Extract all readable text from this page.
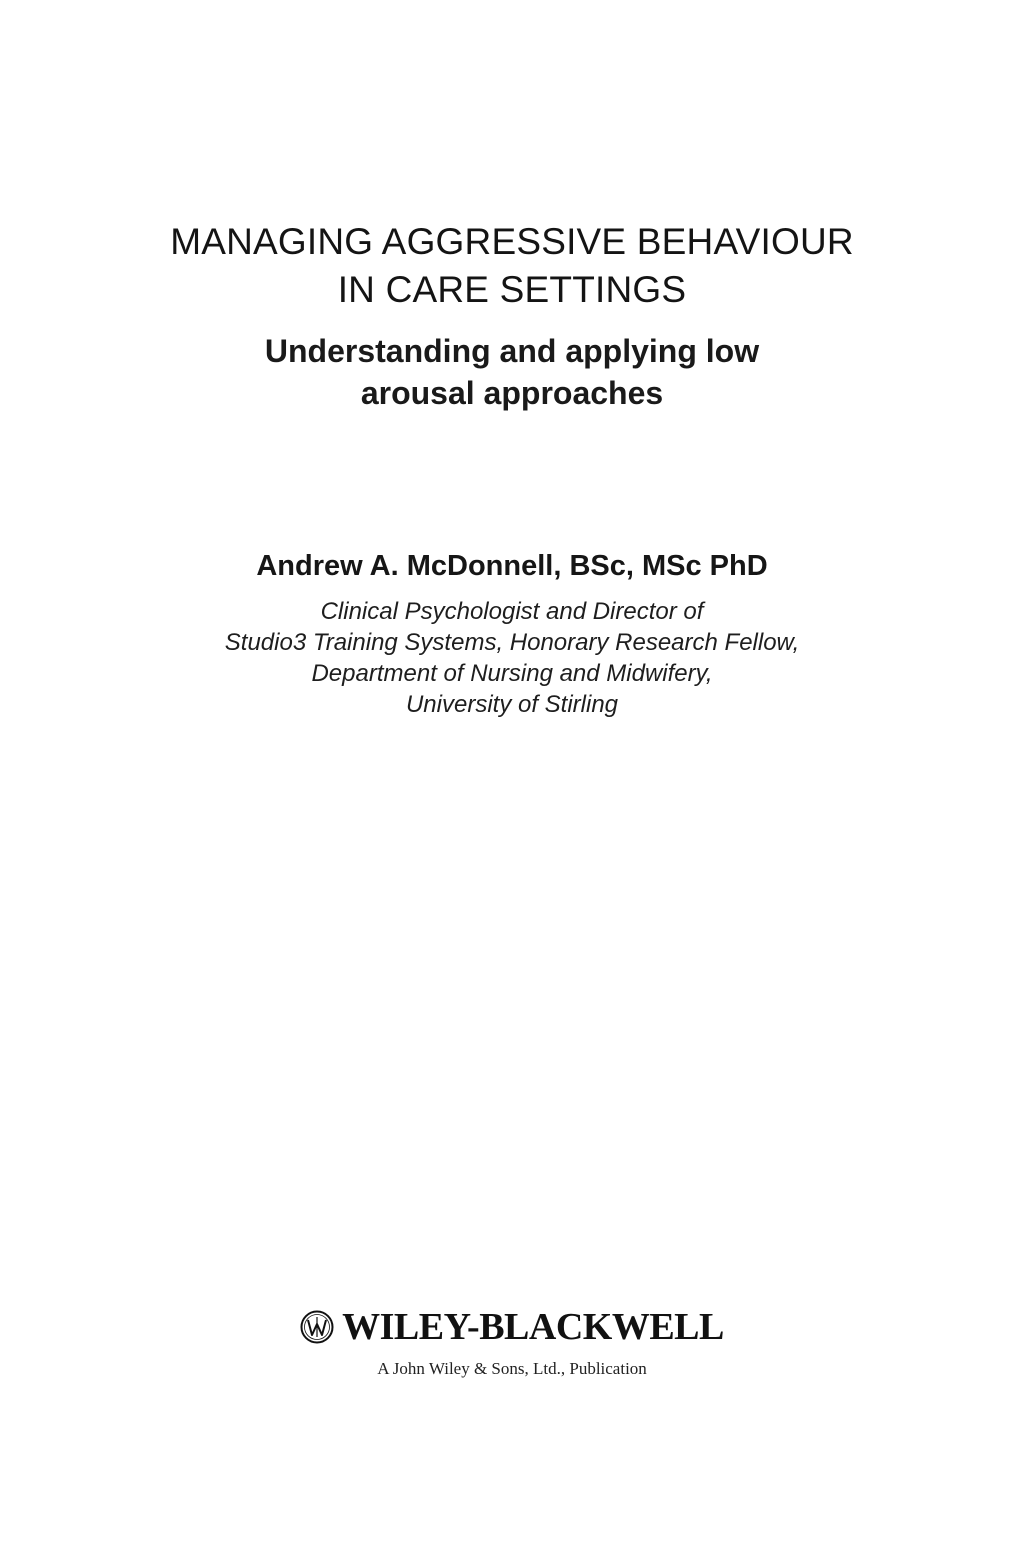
MANAGING AGGRESSIVE BEHAVIOUR
IN CARE SETTINGS
Understanding and applying low
arousal approaches
Andrew A. McDonnell, BSc, MSc PhD
Clinical Psychologist and Director of
Studio3 Training Systems, Honorary Research Fellow,
Department of Nursing and Midwifery,
University of Stirling
WILEY-BLACKWELL
A John Wiley & Sons, Ltd., Publication
